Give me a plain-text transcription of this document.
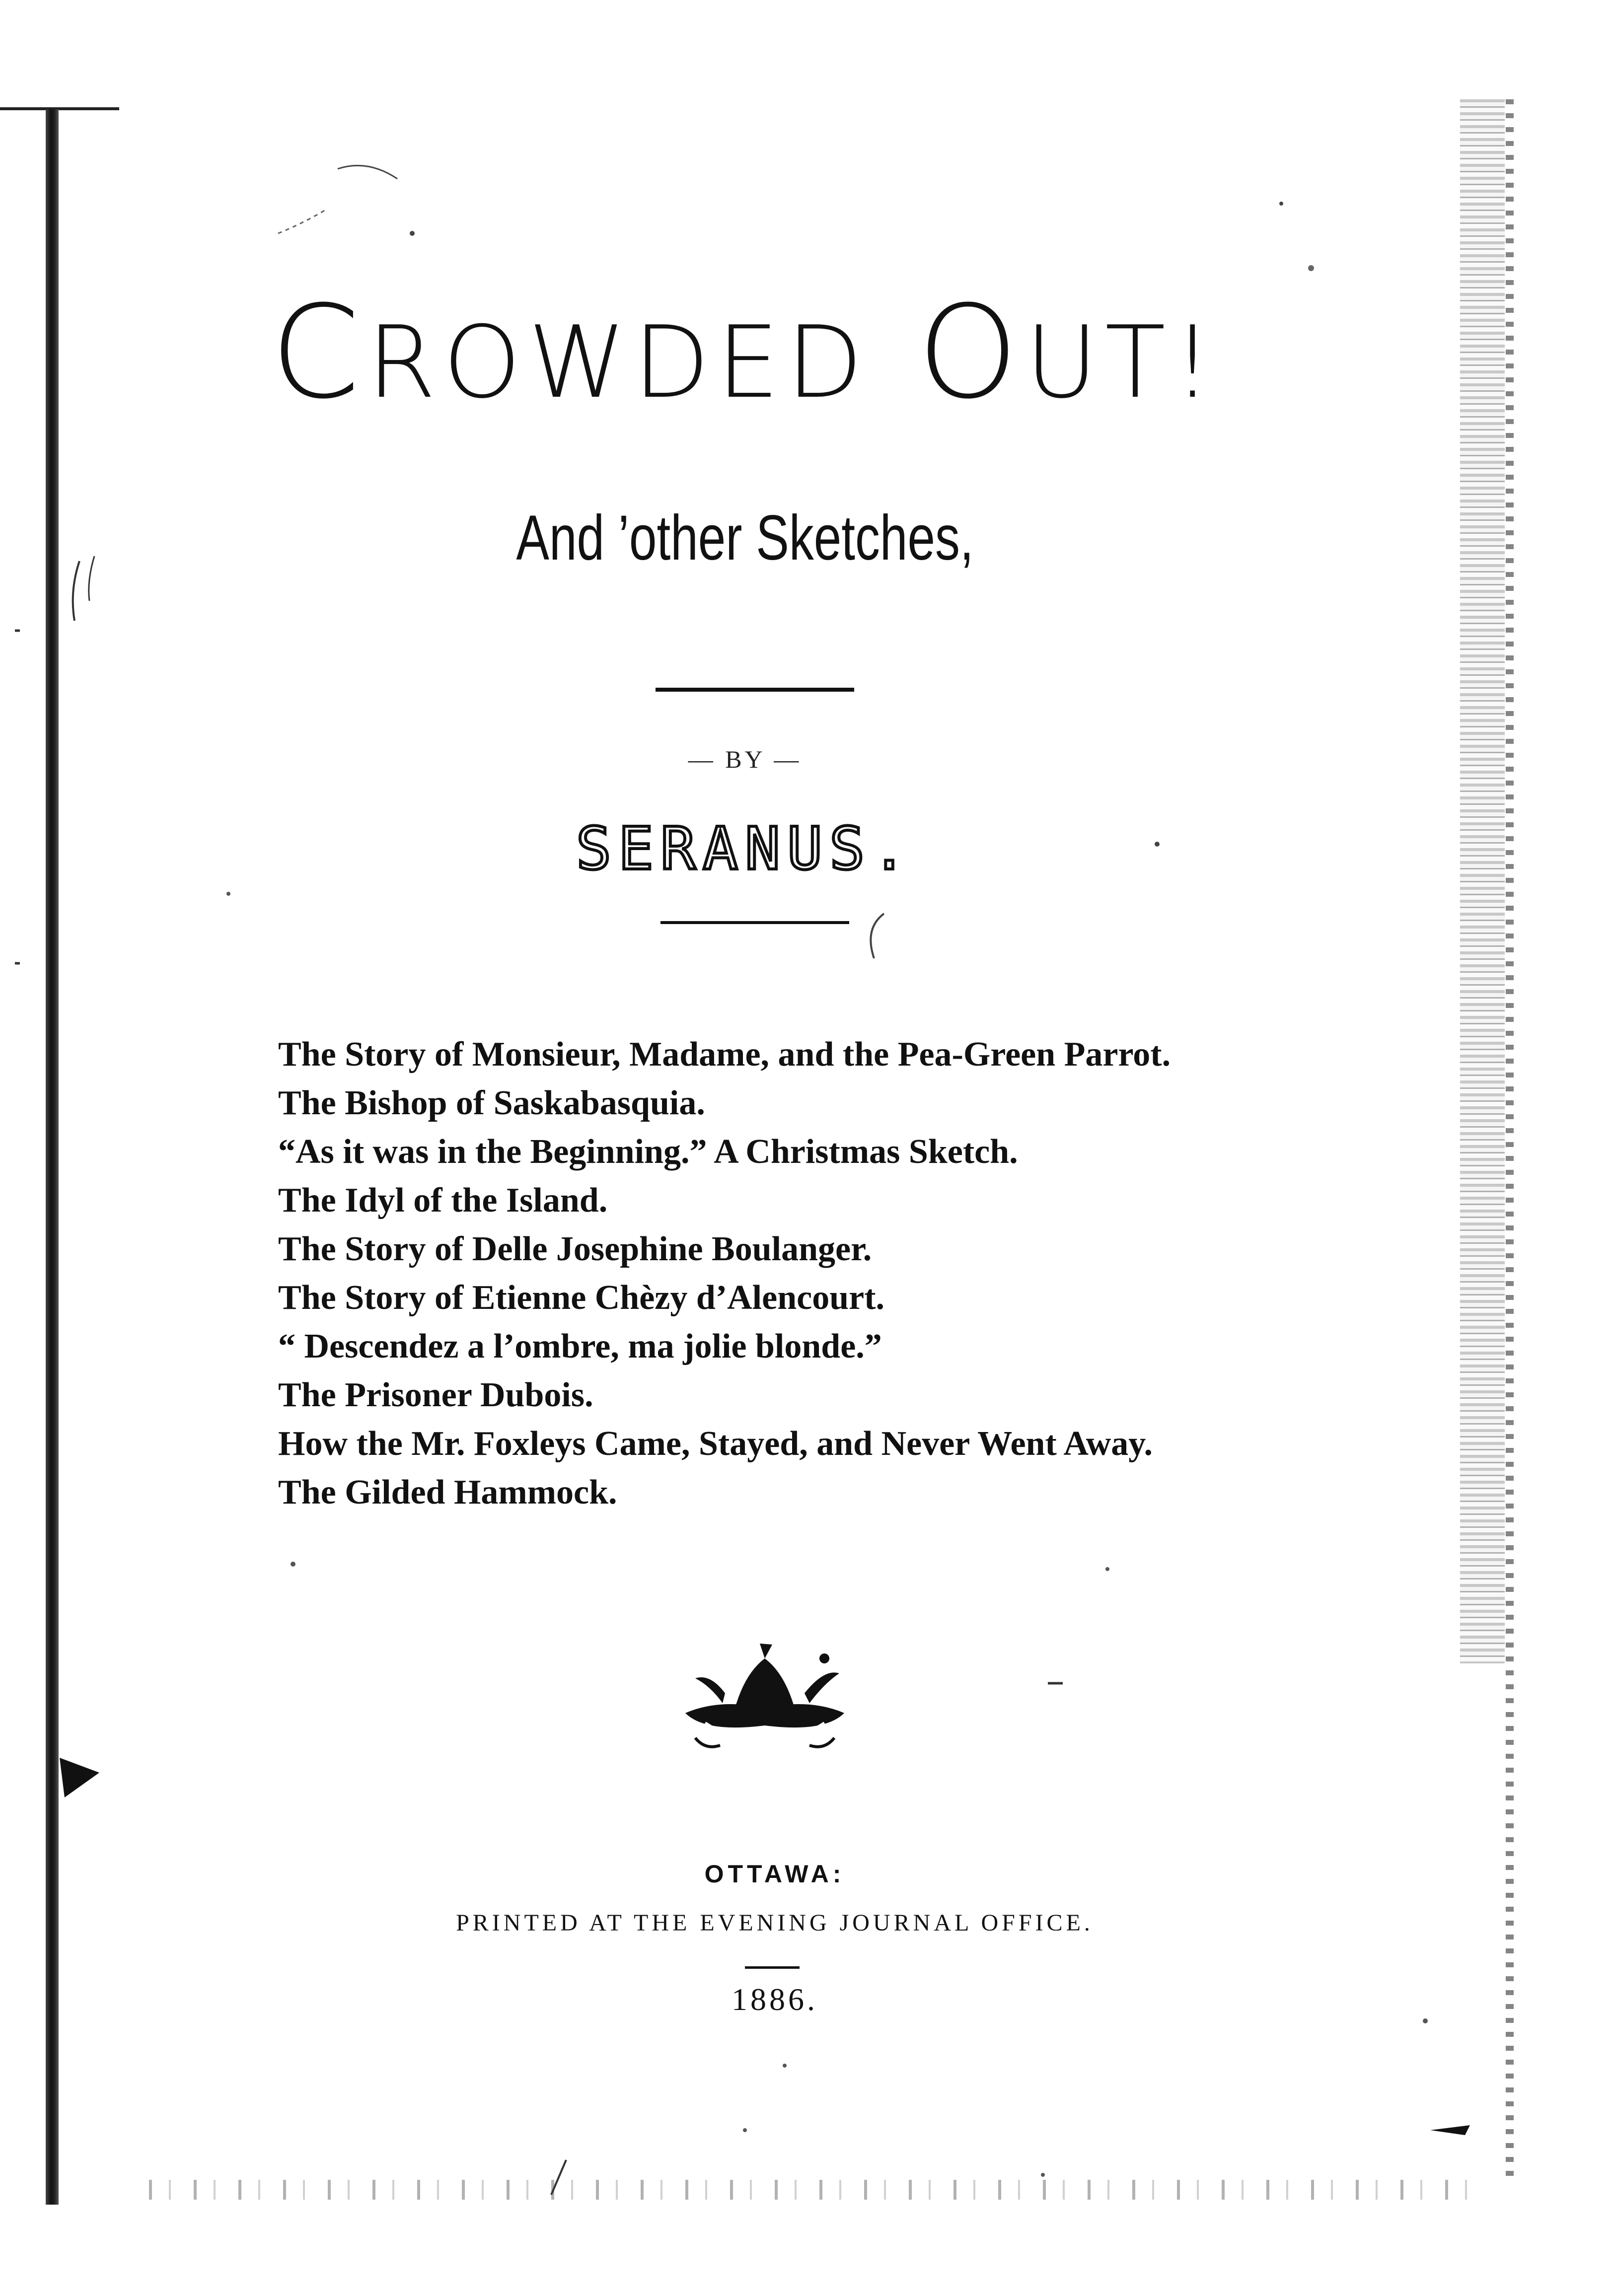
CROWDED OUT!
And ’other Sketches,
— BY —
SERANUS.
The Story of Monsieur, Madame, and the Pea-Green Parrot.
The Bishop of Saskabasquia.
“As it was in the Beginning.” A Christmas Sketch.
The Idyl of the Island.
The Story of Delle Josephine Boulanger.
The Story of Etienne Chèzy d’Alencourt.
“ Descendez a l’ombre, ma jolie blonde.”
The Prisoner Dubois.
How the Mr. Foxleys Came, Stayed, and Never Went Away.
The Gilded Hammock.
OTTAWA:
PRINTED AT THE EVENING JOURNAL OFFICE.
1886.
